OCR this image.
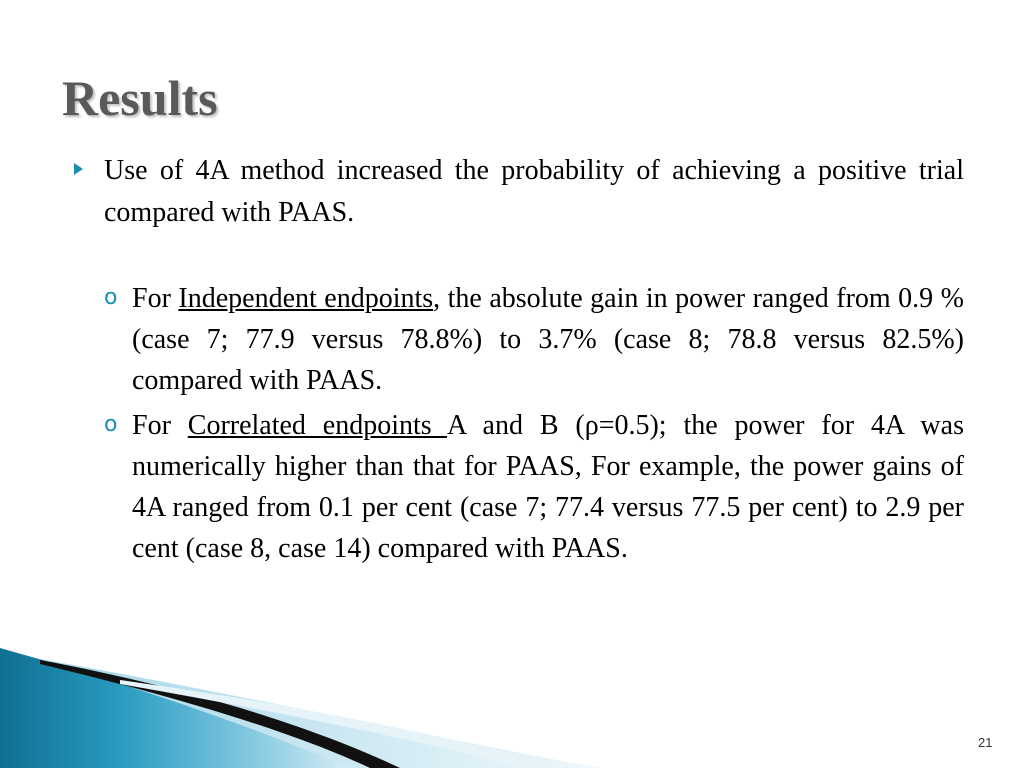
Results
Use of 4A method increased the probability of achieving a positive trial compared with PAAS.
o For Independent endpoints, the absolute gain in power ranged from 0.9 % (case 7; 77.9 versus 78.8%) to 3.7% (case 8; 78.8 versus 82.5%) compared with PAAS.
o For Correlated endpoints A and B (ρ=0.5); the power for 4A was numerically higher than that for PAAS, For example, the power gains of 4A ranged from 0.1 per cent (case 7; 77.4 versus 77.5 per cent) to 2.9 per cent (case 8, case 14) compared with PAAS.
21
